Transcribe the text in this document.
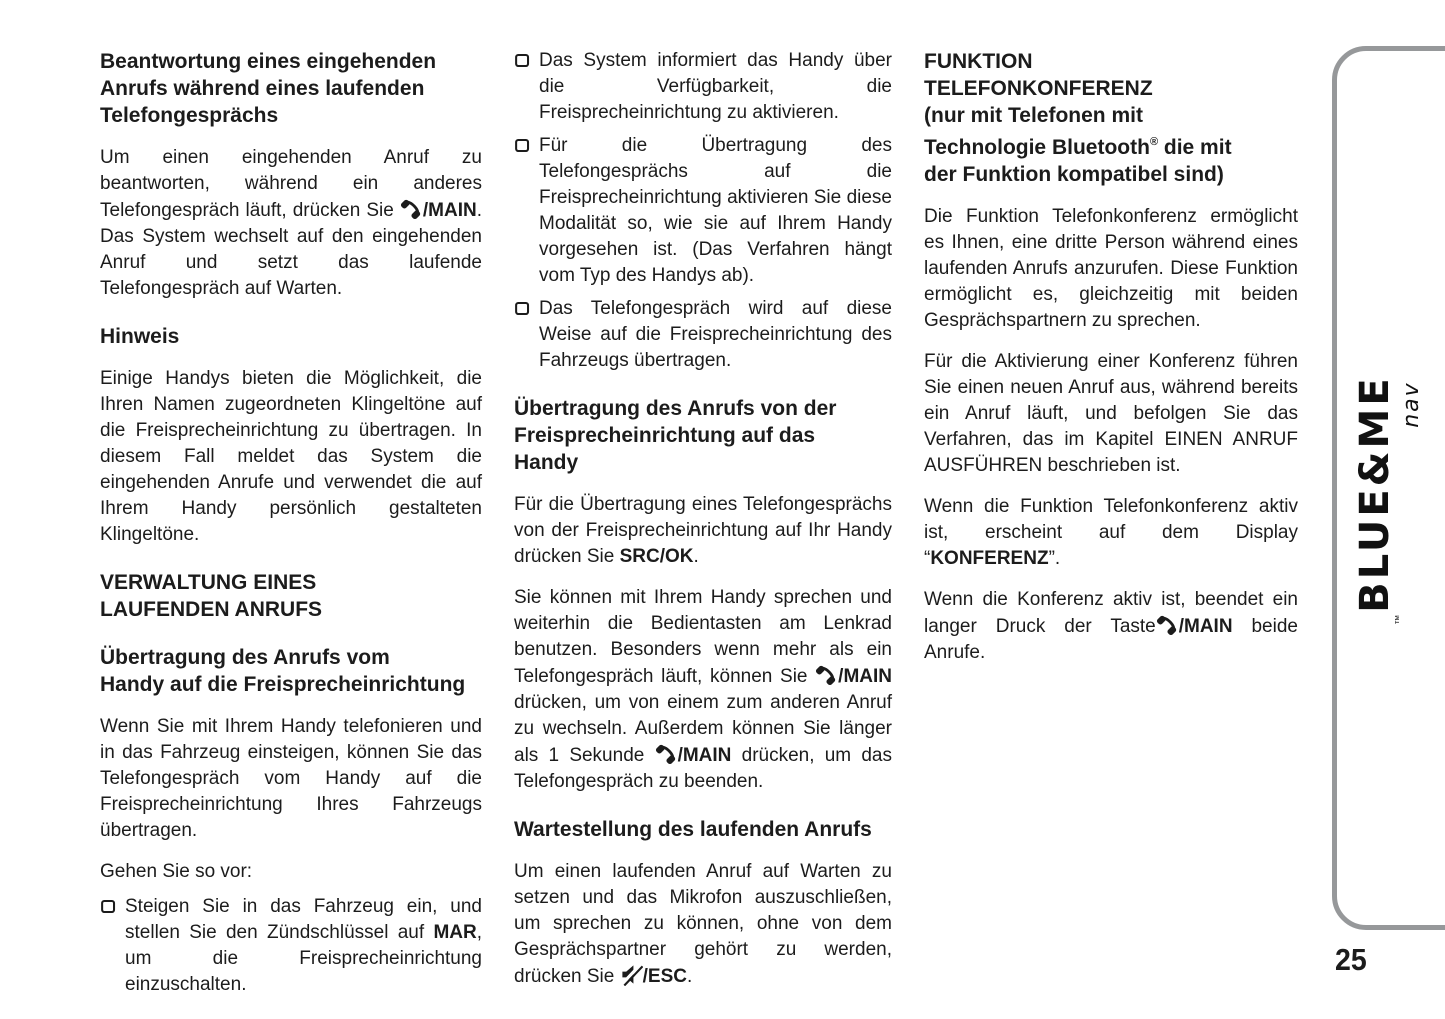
$_™$BLUE&ME nav
25
Beantwortung eines eingehenden
Anrufs während eines laufenden
Telefongesprächs

Um einen eingehenden Anruf zu beantworten, während ein anderes Telefongespräch läuft, drücken Sie
/MAIN. Das System wechselt auf den eingehenden Anruf und setzt das laufende Telefongespräch auf Warten.

Hinweis

Einige Handys bieten die Möglichkeit, die Ihren Namen zugeordneten Klingeltöne auf die Freisprecheinrichtung zu übertragen. In diesem Fall meldet das System die eingehenden Anrufe und verwendet die auf Ihrem Handy persönlich gestalteten Klingeltöne.

VERWALTUNG EINES
LAUFENDEN ANRUFS
Übertragung des Anrufs vom
Handy auf die Freisprecheinrichtung

Wenn Sie mit Ihrem Handy telefonieren und in das Fahrzeug einsteigen, können Sie das Telefongespräch vom Handy auf die Freisprecheinrichtung Ihres Fahrzeugs übertragen.

Gehen Sie so vor:

Steigen Sie in das Fahrzeug ein, und stellen Sie den Zündschlüssel auf MAR, um die Freisprecheinrichtung einzuschalten.
Das System informiert das Handy über die Verfügbarkeit, die Freisprecheinrichtung zu aktivieren.
Für die Übertragung des Telefongesprächs auf die Freisprecheinrichtung aktivieren Sie diese Modalität so, wie sie auf Ihrem Handy vorgesehen ist. (Das Verfahren hängt vom Typ des Handys ab).
Das Telefongespräch wird auf diese Weise auf die Freisprecheinrichtung des Fahrzeugs übertragen.
Übertragung des Anrufs von der
Freisprecheinrichtung auf das
Handy

Für die Übertragung eines Telefongesprächs von der Freisprecheinrichtung auf Ihr Handy drücken Sie SRC/OK.

Sie können mit Ihrem Handy sprechen und weiterhin die Bedientasten am Lenkrad benutzen. Besonders wenn mehr als ein Telefongespräch läuft, können Sie
/MAIN drücken, um von einem zum anderen Anruf zu wechseln. Außerdem können Sie länger als 1 Sekunde
/MAIN drücken, um das Telefongespräch zu beenden.

Wartestellung des laufenden Anrufs

Um einen laufenden Anruf auf Warten zu setzen und das Mikrofon auszuschließen, um sprechen zu können, ohne von dem Gesprächspartner gehört zu werden, drücken Sie
/ESC.

FUNKTION
TELEFONKONFERENZ
(nur mit Telefonen mit
Technologie Bluetooth® die mit
der Funktion kompatibel sind)

Die Funktion Telefonkonferenz ermöglicht es Ihnen, eine dritte Person während eines laufenden Anrufs anzurufen. Diese Funktion ermöglicht es, gleichzeitig mit beiden Gesprächspartnern zu sprechen.

Für die Aktivierung einer Konferenz führen Sie einen neuen Anruf aus, während bereits ein Anruf läuft, und befolgen Sie das Verfahren, das im Kapitel EINEN ANRUF AUSFÜHREN beschrieben ist.

Wenn die Funktion Telefonkonferenz aktiv ist, erscheint auf dem Display “KONFERENZ”.

Wenn die Konferenz aktiv ist, beendet ein langer Druck der Taste /MAIN beide Anrufe.
